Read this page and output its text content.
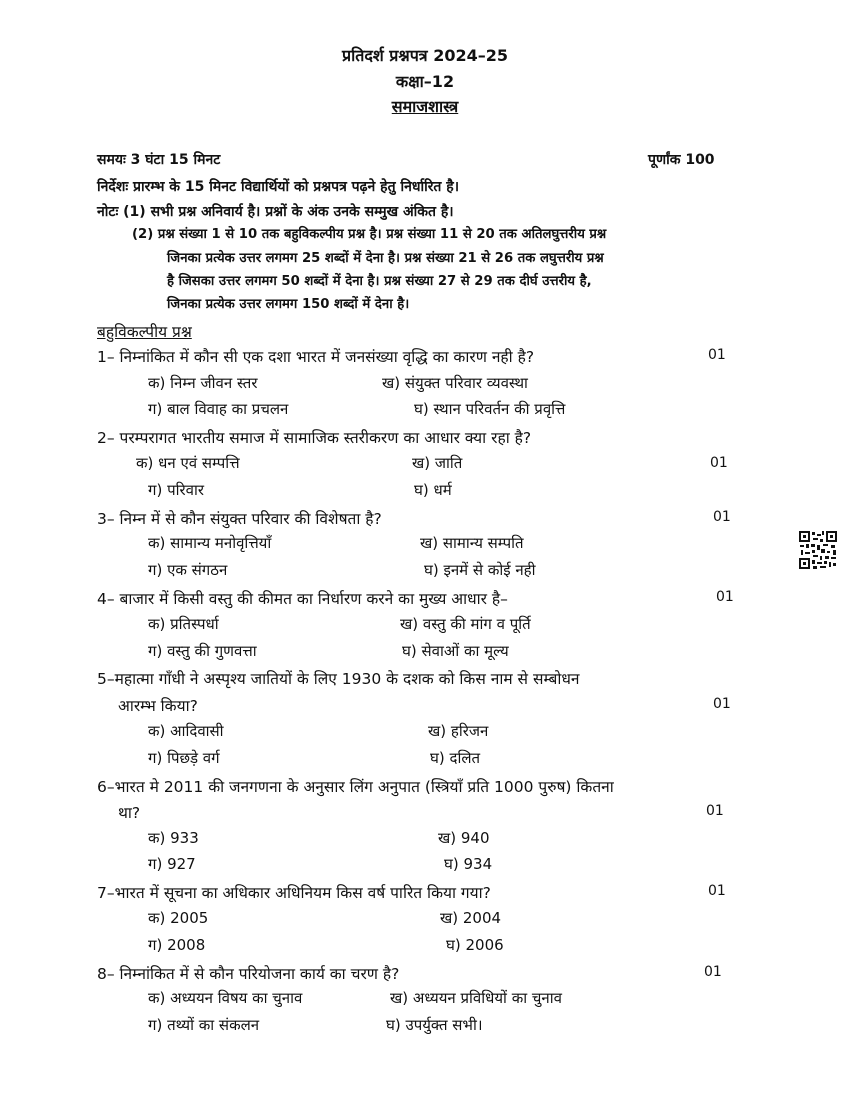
प्रतिदर्श प्रश्नपत्र 2024–25
कक्षा–12
समाजशास्त्र
समयः 3 घंटा 15 मिनट	पूर्णांक 100
निर्देशः प्रारम्भ के 15 मिनट विद्यार्थियों को प्रश्नपत्र पढ़ने हेतु निर्धारित है।
नोटः (1) सभी प्रश्न अनिवार्य है। प्रश्नों के अंक उनके सम्मुख अंकित है।
(2) प्रश्न संख्या 1 से 10 तक बहुविकल्पीय प्रश्न है। प्रश्न संख्या 11 से 20 तक अतिलघुत्तरीय प्रश्न
जिनका प्रत्येक उत्तर लगमग 25 शब्दों में देना है। प्रश्न संख्या 21 से 26 तक लघुत्तरीय प्रश्न
है जिसका उत्तर लगमग 50 शब्दों में देना है। प्रश्न संख्या 27 से 29 तक दीर्घ उत्तरीय है,
जिनका प्रत्येक उत्तर लगमग 150 शब्दों में देना है।
बहुविकल्पीय प्रश्न
1– निम्नांकित में कौन सी एक दशा भारत में जनसंख्या वृद्धि का कारण नही है?	01
क) निम्न जीवन स्तर	ख) संयुक्त परिवार व्यवस्था
ग) बाल विवाह का प्रचलन	घ) स्थान परिवर्तन की प्रवृत्ति
2– परम्परागत भारतीय समाज में सामाजिक स्तरीकरण का आधार क्या रहा है?
क) धन एवं सम्पत्ति	ख) जाति	01
ग) परिवार	घ) धर्म
3– निम्न में से कौन संयुक्त परिवार की विशेषता है?	01
क) सामान्य मनोवृत्तियाँ	ख) सामान्य सम्पति
ग) एक संगठन	घ) इनमें से कोई नही
4– बाजार में किसी वस्तु की कीमत का निर्धारण करने का मुख्य आधार है–	01
क) प्रतिस्पर्धा	ख) वस्तु की मांग व पूर्ति
ग) वस्तु की गुणवत्ता	घ) सेवाओं का मूल्य
5–महात्मा गाँधी ने अस्पृश्य जातियों के लिए 1930 के दशक को किस नाम से सम्बोधन
आरम्भ किया?	01
क) आदिवासी	ख) हरिजन
ग) पिछड़े वर्ग	घ) दलित
6–भारत मे 2011 की जनगणना के अनुसार लिंग अनुपात (स्त्रियाँ प्रति 1000 पुरुष) कितना
था?	01
क) 933	ख) 940
ग) 927	घ) 934
7–भारत में सूचना का अधिकार अधिनियम किस वर्ष पारित किया गया?	01
क) 2005	ख) 2004
ग) 2008	घ) 2006
8– निम्नांकित में से कौन परियोजना कार्य का चरण है?	01
क) अध्ययन विषय का चुनाव	ख) अध्ययन प्रविधियों का चुनाव
ग) तथ्यों का संकलन	घ) उपर्युक्त सभी।
